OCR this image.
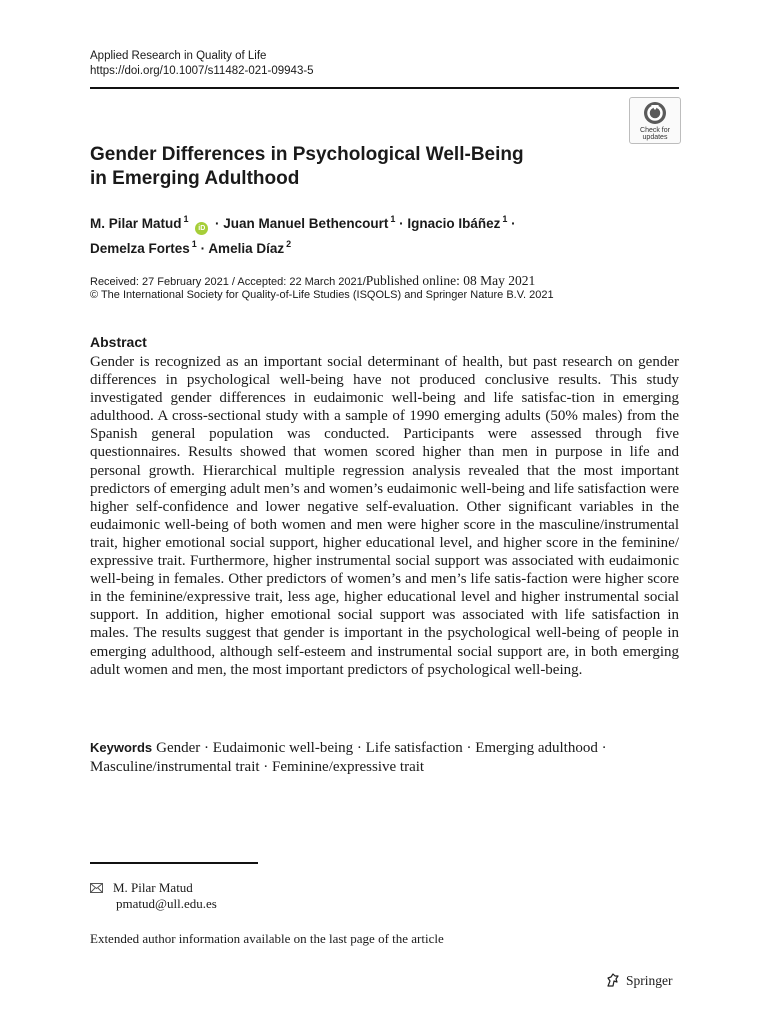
Applied Research in Quality of Life
https://doi.org/10.1007/s11482-021-09943-5
Check for updates
Gender Differences in Psychological Well-Being
in Emerging Adulthood
M. Pilar Matud $^1$ iD · Juan Manuel Bethencourt $^1$ · Ignacio Ibáñez $^1$ ·
Demelza Fortes $^1$ · Amelia Díaz $^2$
Received: 27 February 2021 / Accepted: 22 March 2021/Published online: 08 May 2021
© The International Society for Quality-of-Life Studies (ISQOLS) and Springer Nature B.V. 2021
Abstract

Gender is recognized as an important social determinant of health, but past research on gender differences in psychological well-being have not produced conclusive results. This study investigated gender differences in eudaimonic well-being and life satisfac-tion in emerging adulthood. A cross-sectional study with a sample of 1990 emerging adults (50% males) from the Spanish general population was conducted. Participants were assessed through five questionnaires. Results showed that women scored higher than men in purpose in life and personal growth. Hierarchical multiple regression analysis revealed that the most important predictors of emerging adult men’s and women’s eudaimonic well-being and life satisfaction were higher self-confidence and lower negative self-evaluation. Other significant variables in the eudaimonic well-being of both women and men were higher score in the masculine/instrumental trait, higher emotional social support, higher educational level, and higher score in the feminine/ expressive trait. Furthermore, higher instrumental social support was associated with eudaimonic well-being in females. Other predictors of women’s and men’s life satis-faction were higher score in the feminine/expressive trait, less age, higher educational level and higher instrumental social support. In addition, higher emotional social support was associated with life satisfaction in males. The results suggest that gender is important in the psychological well-being of people in emerging adulthood, although self-esteem and instrumental social support are, in both emerging adult women and men, the most important predictors of psychological well-being.

Keywords Gender · Eudaimonic well-being · Life satisfaction · Emerging adulthood · Masculine/instrumental trait · Feminine/expressive trait
M. Pilar Matud
pmatud@ull.edu.es
Extended author information available on the last page of the article
Springer
